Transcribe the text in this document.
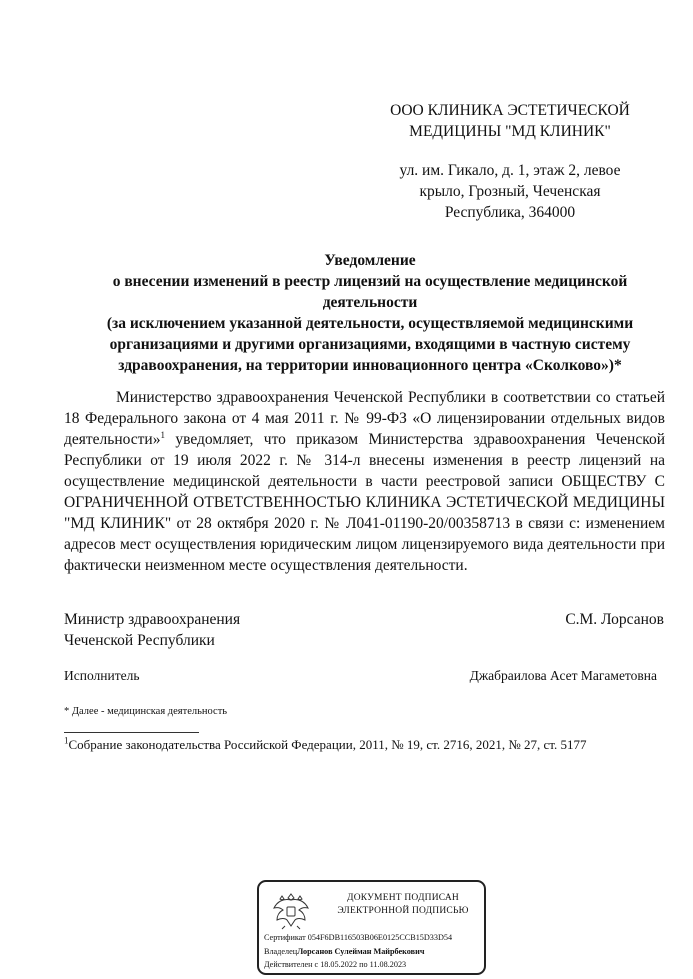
ООО КЛИНИКА ЭСТЕТИЧЕСКОЙ
МЕДИЦИНЫ "МД КЛИНИК"
ул. им. Гикало, д. 1, этаж 2, левое
крыло, Грозный, Чеченская
Республика, 364000
Уведомление
о внесении изменений в реестр лицензий на осуществление медицинской
деятельности
(за исключением указанной деятельности, осуществляемой медицинскими
организациями и другими организациями, входящими в частную систему
здравоохранения, на территории инновационного центра «Сколково»)*

Министерство здравоохранения Чеченской Республики в соответствии со статьей 18 Федерального закона от 4 мая 2011 г. № 99-ФЗ «О лицензировании отдельных видов деятельности»$^1$ уведомляет, что приказом Министерства здравоохранения Чеченской Республики от 19 июля 2022 г. № 314-л внесены изменения в реестр лицензий на осуществление медицинской деятельности в части реестровой записи ОБЩЕСТВУ С ОГРАНИЧЕННОЙ ОТВЕТСТВЕННОСТЬЮ КЛИНИКА ЭСТЕТИЧЕСКОЙ МЕДИЦИНЫ "МД КЛИНИК" от 28 октября 2020 г. № Л041-01190-20/00358713 в связи с: изменением адресов мест осуществления юридическим лицом лицензируемого вида деятельности при фактически неизменном месте осуществления деятельности.

Министр здравоохранения
Чеченской Республики
С.М. Лорсанов
Исполнитель	Джабраилова Асет Магаметовна
* Далее - медицинская деятельность
$^1$Собрание законодательства Российской Федерации, 2011, № 19, ст. 2716, 2021, № 27, ст. 5177
ДОКУМЕНТ ПОДПИСАН
ЭЛЕКТРОННОЙ ПОДПИСЬЮ
Сертификат 054F6DB116503B06E0125CCB15D33D54
ВладелецЛорсанов Сулейман Майрбекович
Действителен с 18.05.2022 по 11.08.2023
